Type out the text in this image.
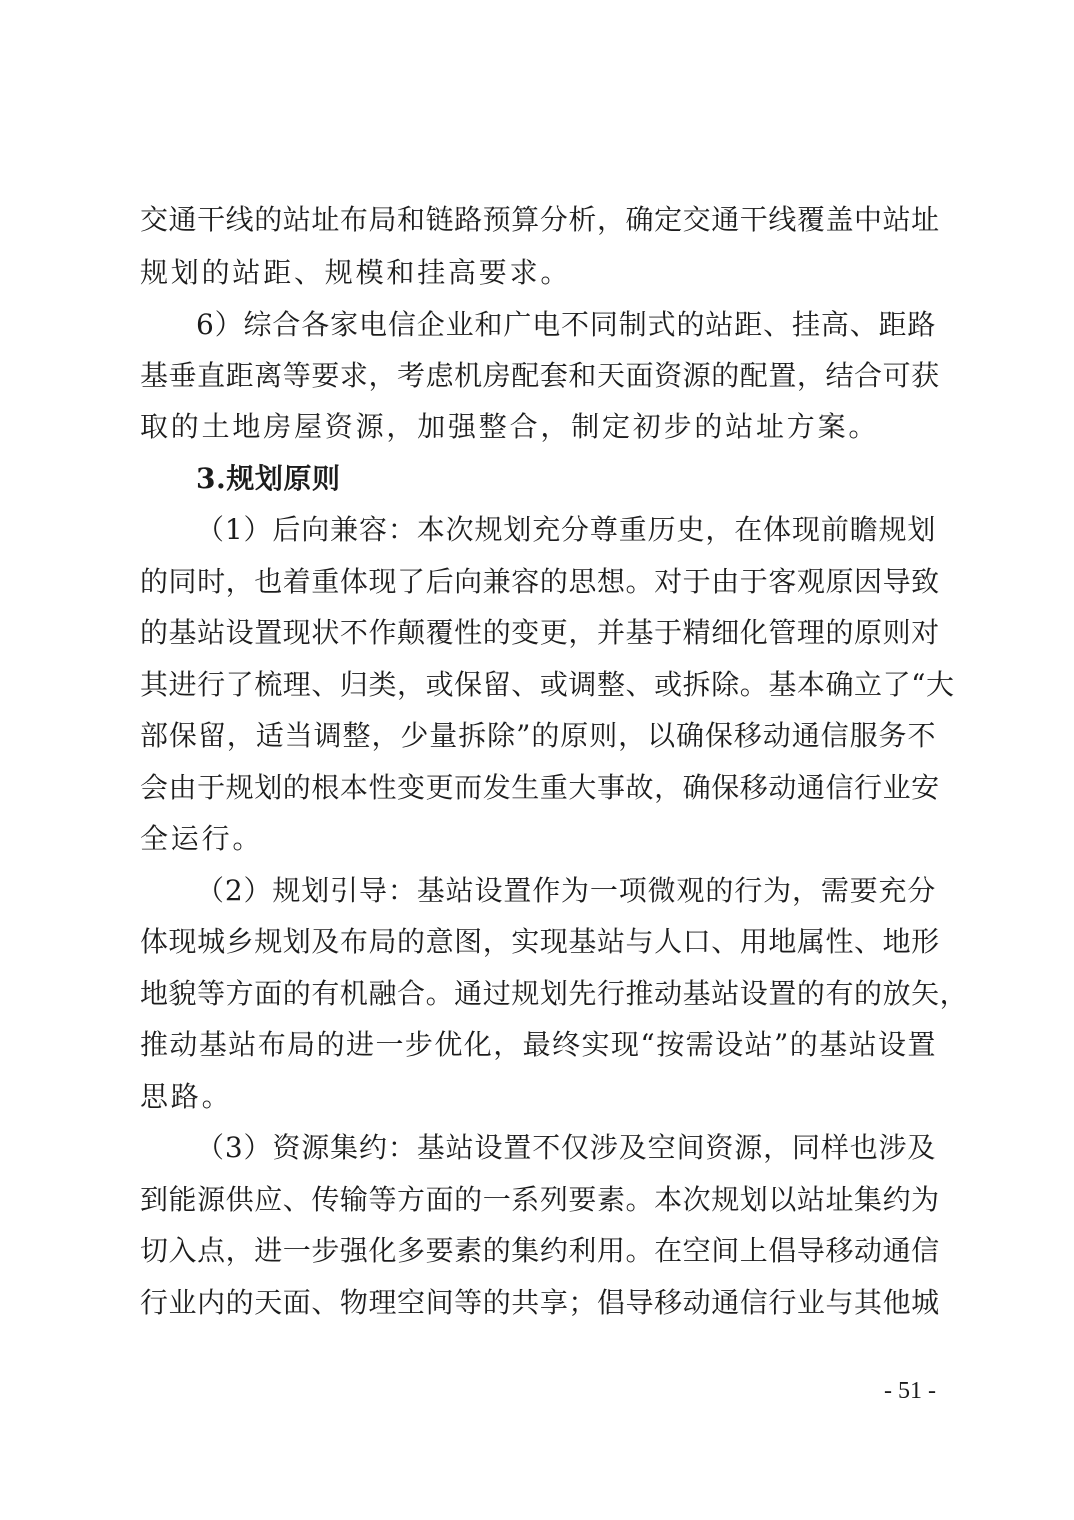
交通干线的站址布局和链路预算分析，确定交通干线覆盖中站址
规划的站距、规模和挂高要求。
6）综合各家电信企业和广电不同制式的站距、挂高、距路
基垂直距离等要求，考虑机房配套和天面资源的配置，结合可获
取的土地房屋资源，加强整合，制定初步的站址方案。
3.规划原则
（1）后向兼容：本次规划充分尊重历史，在体现前瞻规划
的同时，也着重体现了后向兼容的思想。对于由于客观原因导致
的基站设置现状不作颠覆性的变更，并基于精细化管理的原则对
其进行了梳理、归类，或保留、或调整、或拆除。基本确立了“大
部保留，适当调整，少量拆除”的原则，以确保移动通信服务不
会由于规划的根本性变更而发生重大事故，确保移动通信行业安
全运行。
（2）规划引导：基站设置作为一项微观的行为，需要充分
体现城乡规划及布局的意图，实现基站与人口、用地属性、地形
地貌等方面的有机融合。通过规划先行推动基站设置的有的放矢，
推动基站布局的进一步优化，最终实现“按需设站”的基站设置
思路。
（3）资源集约：基站设置不仅涉及空间资源，同样也涉及
到能源供应、传输等方面的一系列要素。本次规划以站址集约为
切入点，进一步强化多要素的集约利用。在空间上倡导移动通信
行业内的天面、物理空间等的共享；倡导移动通信行业与其他城
- 51 -
